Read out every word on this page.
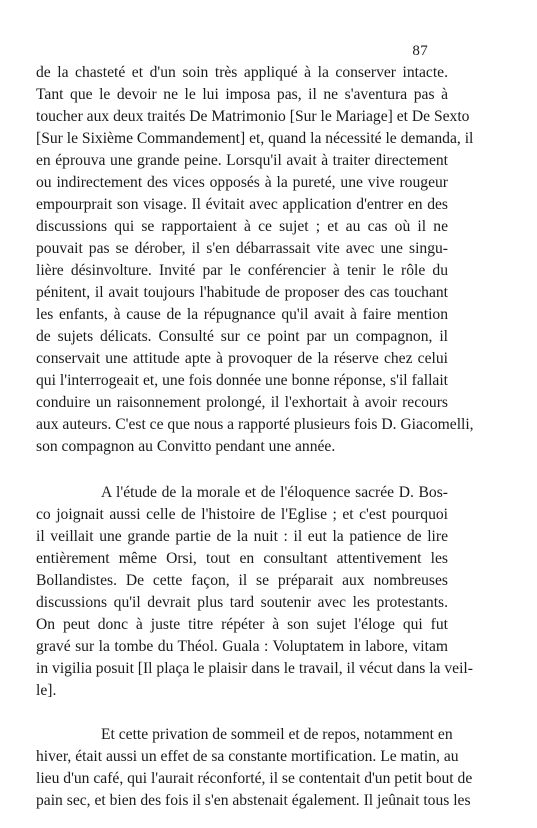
87
de la chasteté et d'un soin très appliqué à la conserver intacte.
Tant que le devoir ne le lui imposa pas, il ne s'aventura pas à
toucher aux deux traités De Matrimonio [Sur le Mariage] et De Sexto
[Sur le Sixième Commandement] et, quand la nécessité le demanda, il
en éprouva une grande peine. Lorsqu'il avait à traiter directement
ou indirectement des vices opposés à la pureté, une vive rougeur
empourprait son visage. Il évitait avec application d'entrer en des
discussions qui se rapportaient à ce sujet ; et au cas où il ne
pouvait pas se dérober, il s'en débarrassait vite avec une singu-
lière désinvolture. Invité par le conférencier à tenir le rôle du
pénitent, il avait toujours l'habitude de proposer des cas touchant
les enfants, à cause de la répugnance qu'il avait à faire mention
de sujets délicats. Consulté sur ce point par un compagnon, il
conservait une attitude apte à provoquer de la réserve chez celui
qui l'interrogeait et, une fois donnée une bonne réponse, s'il fallait
conduire un raisonnement prolongé, il l'exhortait à avoir recours
aux auteurs. C'est ce que nous a rapporté plusieurs fois D. Giacomelli,
son compagnon au Convitto pendant une année.
A l'étude de la morale et de l'éloquence sacrée D. Bos-
co joignait aussi celle de l'histoire de l'Eglise ; et c'est pourquoi
il veillait une grande partie de la nuit : il eut la patience de lire
entièrement même Orsi, tout en consultant attentivement les
Bollandistes. De cette façon, il se préparait aux nombreuses
discussions qu'il devrait plus tard soutenir avec les protestants.
On peut donc à juste titre répéter à son sujet l'éloge qui fut
gravé sur la tombe du Théol. Guala : Voluptatem in labore, vitam
in vigilia posuit [Il plaça le plaisir dans le travail, il vécut dans la veil-
le].
Et cette privation de sommeil et de repos, notamment en
hiver, était aussi un effet de sa constante mortification. Le matin, au
lieu d'un café, qui l'aurait réconforté, il se contentait d'un petit bout de
pain sec, et bien des fois il s'en abstenait également. Il jeûnait tous les
